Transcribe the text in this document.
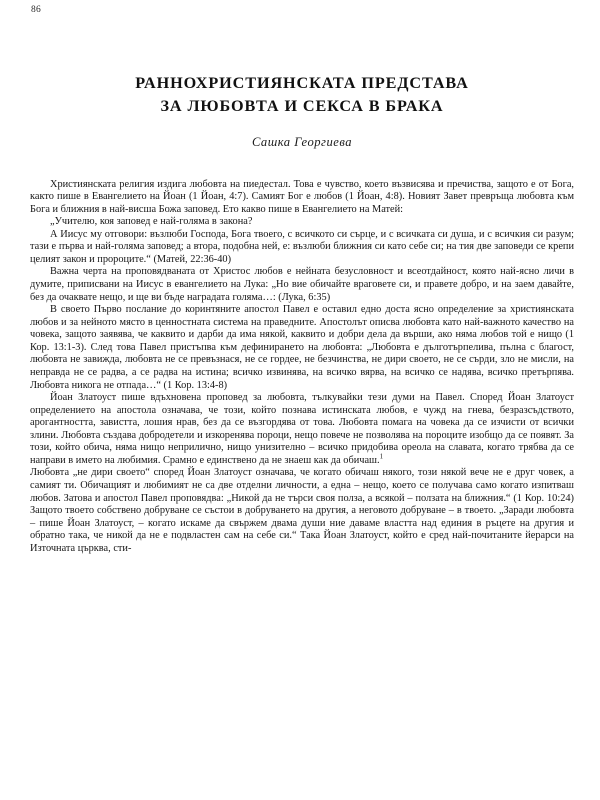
86
РАННОХРИСТИЯНСКАТА ПРЕДСТАВА
ЗА ЛЮБОВТА И СЕКСА В БРАКА
Сашка Георгиева

Християнската религия издига любовта на пиедестал. Това е чувство, което възвисява и пречиства, защото е от Бога, както пише в Евангелието на Йоан (1 Йоан, 4:7). Самият Бог е любов (1 Йоан, 4:8). Новият Завет превръща любовта към Бога и ближния в най-висша Божа заповед. Ето какво пише в Евангелието на Матей:

„Учителю, коя заповед е най-голяма в закона?

А Иисус му отговори: възлюби Господа, Бога твоего, с всичкото си сърце, и с всичката си душа, и с всичкия си разум; тази е първа и най-голяма заповед; а втора, подобна ней, е: възлюби ближния си като себе си; на тия две заповеди се крепи целият закон и пророците.“ (Матей, 22:36-40)

Важна черта на проповядваната от Христос любов е нейната безусловност и всеотдайност, която най-ясно личи в думите, приписвани на Иисус в евангелието на Лука: „Но вие обичайте враговете си, и правете добро, и на заем давайте, без да очаквате нещо, и ще ви бъде наградата голяма…: (Лука, 6:35)

В своето Първо послание до коринтяните апостол Павел е оставил едно доста ясно определение за християнската любов и за нейното място в ценностната система на праведните. Апостолът описва любовта като най-важното качество на човека, защото заявява, че каквито и дарби да има някой, каквито и добри дела да върши, ако няма любов той е нищо (1 Кор. 13:1-3). След това Павел пристъпва към дефинирането на любовта: „Любовта е дълготърпелива, пълна с благост, любовта не завижда, любовта не се превъзнася, не се гордее, не безчинства, не дири своето, не се сърди, зло не мисли, на неправда не се радва, а се радва на истина; всичко извинява, на всичко вярва, на всичко се надява, всичко претърпява. Любовта никога не отпада…“ (1 Кор. 13:4-8)

Йоан Златоуст пише вдъхновена проповед за любовта, тълкувайки тези думи на Павел. Според Йоан Златоуст определението на апостола означава, че този, който познава истинската любов, е чужд на гнева, безразсъдството, арогантността, завистта, лошия нрав, без да се възгордява от това. Любовта помага на човека да се изчисти от всички злини. Любовта създава добродетели и изкоренява пороци, нещо повече не позволява на пороците изобщо да се появят. За този, който обича, няма нищо неприлично, нищо унизително – всичко придобива ореола на славата, когато трябва да се направи в името на любимия. Срамно е единствено да не знаеш как да обичаш.$^1$

Любовта „не дири своето“ според Йоан Златоуст означава, че когато обичаш някого, този някой вече не е друг човек, а самият ти. Обичащият и любимият не са две отделни личности, а една – нещо, което се получава само когато изпитваш любов. Затова и апостол Павел проповядва: „Никой да не търси своя полза, а всякой – ползата на ближния.“ (1 Кор. 10:24) Защото твоето собствено добруване се състои в добруването на другия, а неговото добруване – в твоето. „Заради любовта – пише Йоан Златоуст, – когато искаме да свържем двама души ние даваме властта над единия в ръцете на другия и обратно така, че никой да не е подвластен сам на себе си.“ Така Йоан Златоуст, който е сред най-почитаните йерарси на Източната църква, сти-
